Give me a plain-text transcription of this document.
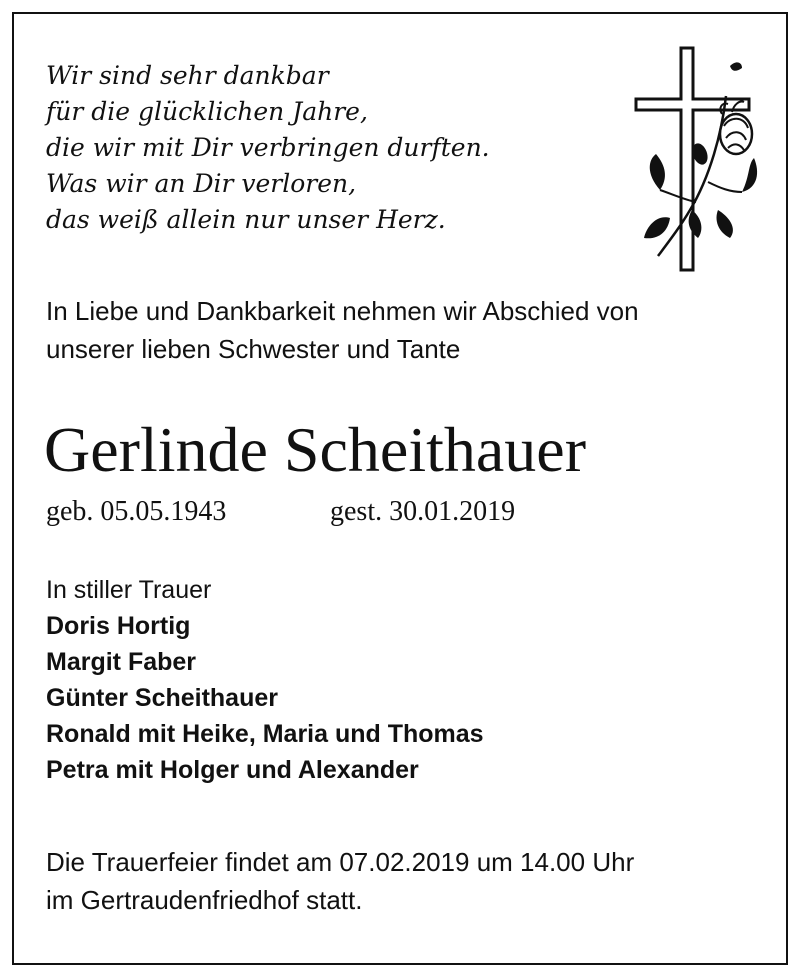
Wir sind sehr dankbar
für die glücklichen Jahre,
die wir mit Dir verbringen durften.
Was wir an Dir verloren,
das weiß allein nur unser Herz.
In Liebe und Dankbarkeit nehmen wir Abschied von
unserer lieben Schwester und Tante
Gerlinde Scheithauer
geb. 05.05.1943	gest. 30.01.2019
In stiller Trauer
Doris Hortig
Margit Faber
Günter Scheithauer
Ronald mit Heike, Maria und Thomas
Petra mit Holger und Alexander
Die Trauerfeier findet am 07.02.2019 um 14.00 Uhr
im Gertraudenfriedhof statt.
